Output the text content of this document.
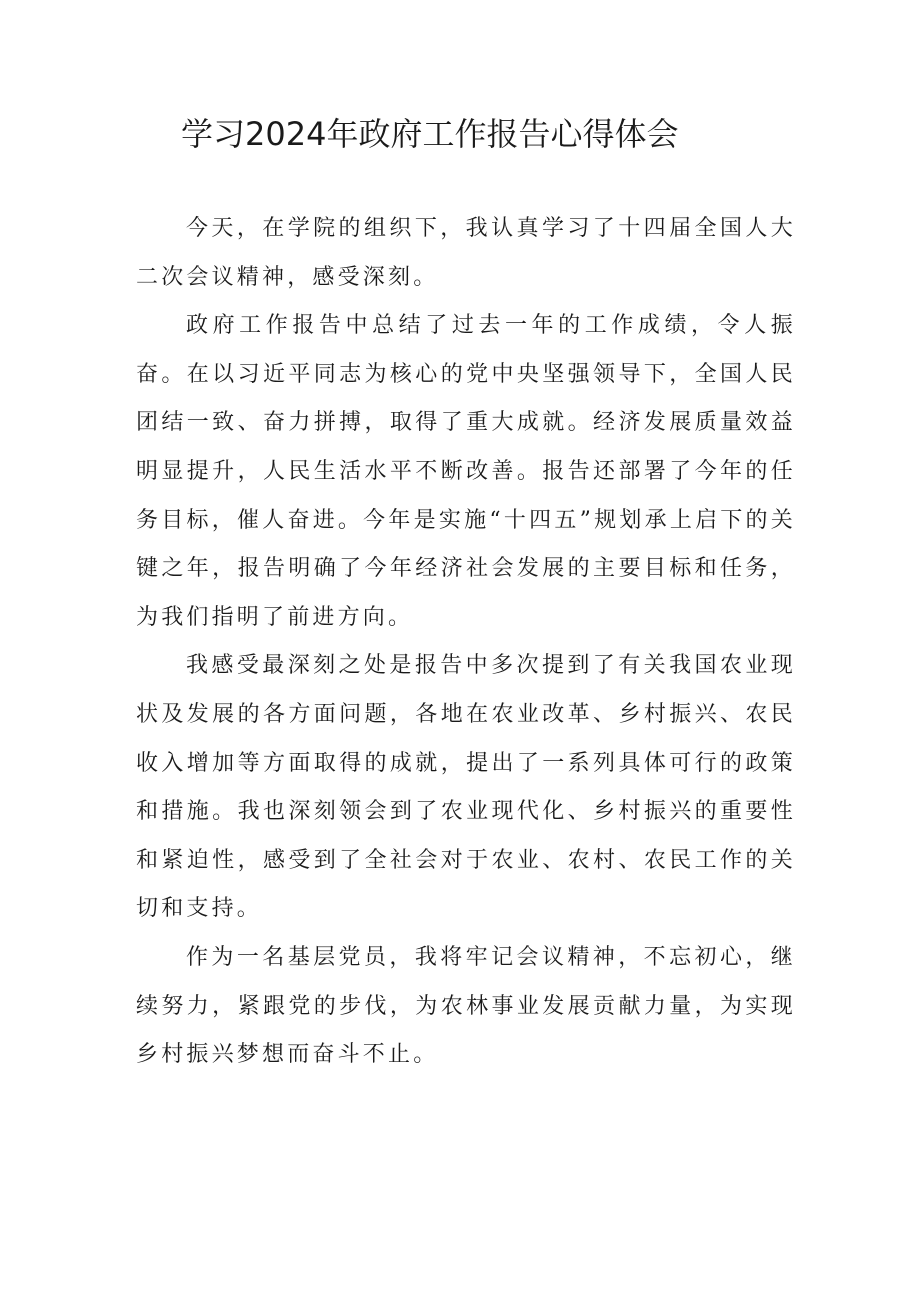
学习2024年政府工作报告心得体会

今天，在学院的组织下，我认真学习了十四届全国人大二次会议精神，感受深刻。

政府工作报告中总结了过去一年的工作成绩，令人振奋。在以习近平同志为核心的党中央坚强领导下，全国人民团结一致、奋力拼搏，取得了重大成就。经济发展质量效益明显提升，人民生活水平不断改善。报告还部署了今年的任务目标，催人奋进。今年是实施“十四五”规划承上启下的关键之年，报告明确了今年经济社会发展的主要目标和任务，为我们指明了前进方向。

我感受最深刻之处是报告中多次提到了有关我国农业现状及发展的各方面问题，各地在农业改革、乡村振兴、农民收入增加等方面取得的成就，提出了一系列具体可行的政策和措施。我也深刻领会到了农业现代化、乡村振兴的重要性和紧迫性，感受到了全社会对于农业、农村、农民工作的关切和支持。

作为一名基层党员，我将牢记会议精神，不忘初心，继续努力，紧跟党的步伐，为农林事业发展贡献力量，为实现乡村振兴梦想而奋斗不止。
